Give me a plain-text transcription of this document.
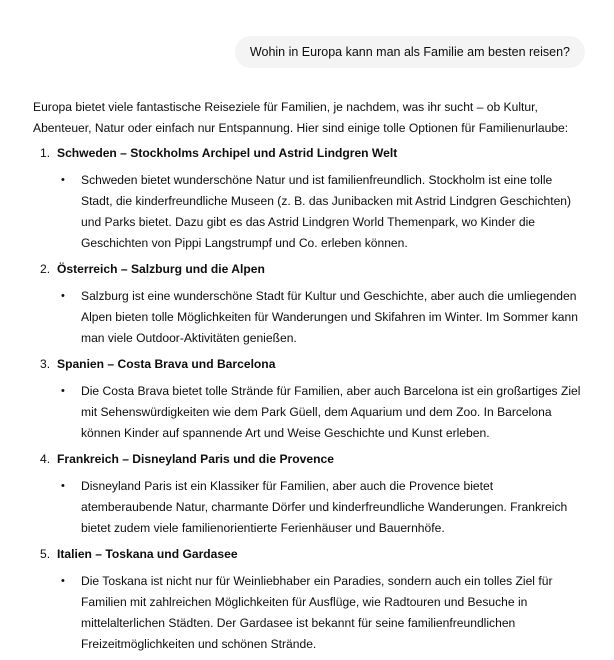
Wohin in Europa kann man als Familie am besten reisen?

Europa bietet viele fantastische Reiseziele für Familien, je nachdem, was ihr sucht – ob Kultur, Abenteuer, Natur oder einfach nur Entspannung. Hier sind einige tolle Optionen für Familienurlaube:

1. Schweden – Stockholms Archipel und Astrid Lindgren Welt
•	Schweden bietet wunderschöne Natur und ist familienfreundlich. Stockholm ist eine tolle Stadt, die kinderfreundliche Museen (z. B. das Junibacken mit Astrid Lindgren Geschichten) und Parks bietet. Dazu gibt es das Astrid Lindgren World Themenpark, wo Kinder die Geschichten von Pippi Langstrumpf und Co. erleben können.
2. Österreich – Salzburg und die Alpen
•	Salzburg ist eine wunderschöne Stadt für Kultur und Geschichte, aber auch die umliegenden Alpen bieten tolle Möglichkeiten für Wanderungen und Skifahren im Winter. Im Sommer kann man viele Outdoor-Aktivitäten genießen.
3. Spanien – Costa Brava und Barcelona
•	Die Costa Brava bietet tolle Strände für Familien, aber auch Barcelona ist ein großartiges Ziel mit Sehenswürdigkeiten wie dem Park Güell, dem Aquarium und dem Zoo. In Barcelona können Kinder auf spannende Art und Weise Geschichte und Kunst erleben.
4. Frankreich – Disneyland Paris und die Provence
•	Disneyland Paris ist ein Klassiker für Familien, aber auch die Provence bietet atemberaubende Natur, charmante Dörfer und kinderfreundliche Wanderungen. Frankreich bietet zudem viele familienorientierte Ferienhäuser und Bauernhöfe.
5. Italien – Toskana und Gardasee
•	Die Toskana ist nicht nur für Weinliebhaber ein Paradies, sondern auch ein tolles Ziel für Familien mit zahlreichen Möglichkeiten für Ausflüge, wie Radtouren und Besuche in mittelalterlichen Städten. Der Gardasee ist bekannt für seine familienfreundlichen Freizeitmöglichkeiten und schönen Strände.
